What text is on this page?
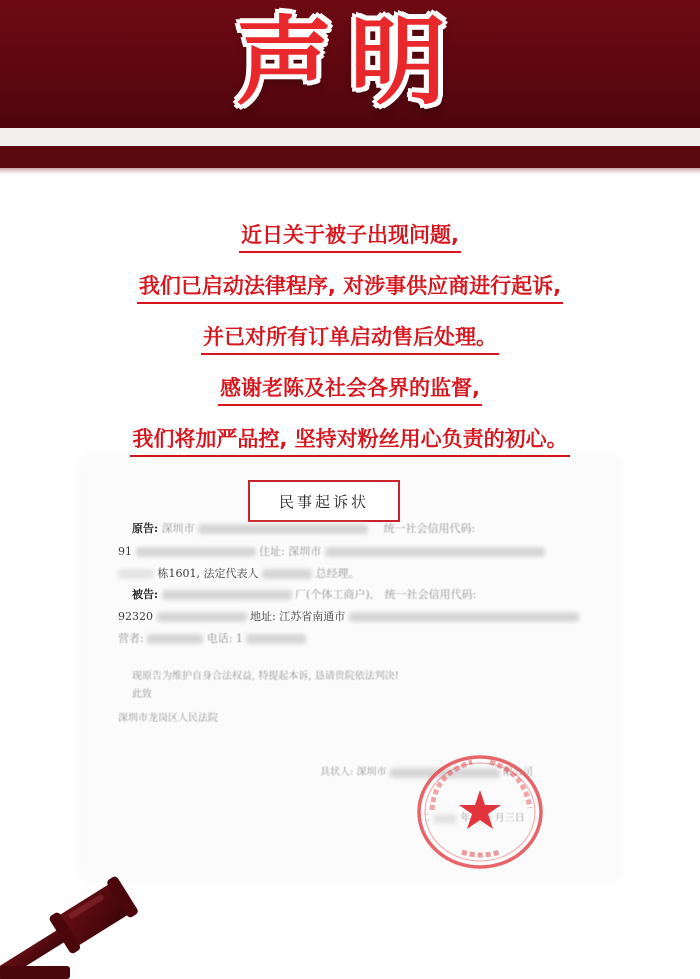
声明
近日关于被子出现问题,
我们已启动法律程序, 对涉事供应商进行起诉,
并已对所有订单启动售后处理。
感谢老陈及社会各界的监督,
我们将加严品控, 坚持对粉丝用心负责的初心。
民事起诉状
原告: 深圳市	统一社会信用代码:
91	住址: 深圳市
栋1601, 法定代表人	总经理。
被告:	厂(个体工商户), 统一社会信用代码:
92320	地址: 江苏省南通市
营者:	电话: 1
现原告为维护自身合法权益, 特提起本诉, 恳请贵院依法判决!
此致
深圳市龙岗区人民法院
具状人: 深圳市	限公司
二	年 月三日
